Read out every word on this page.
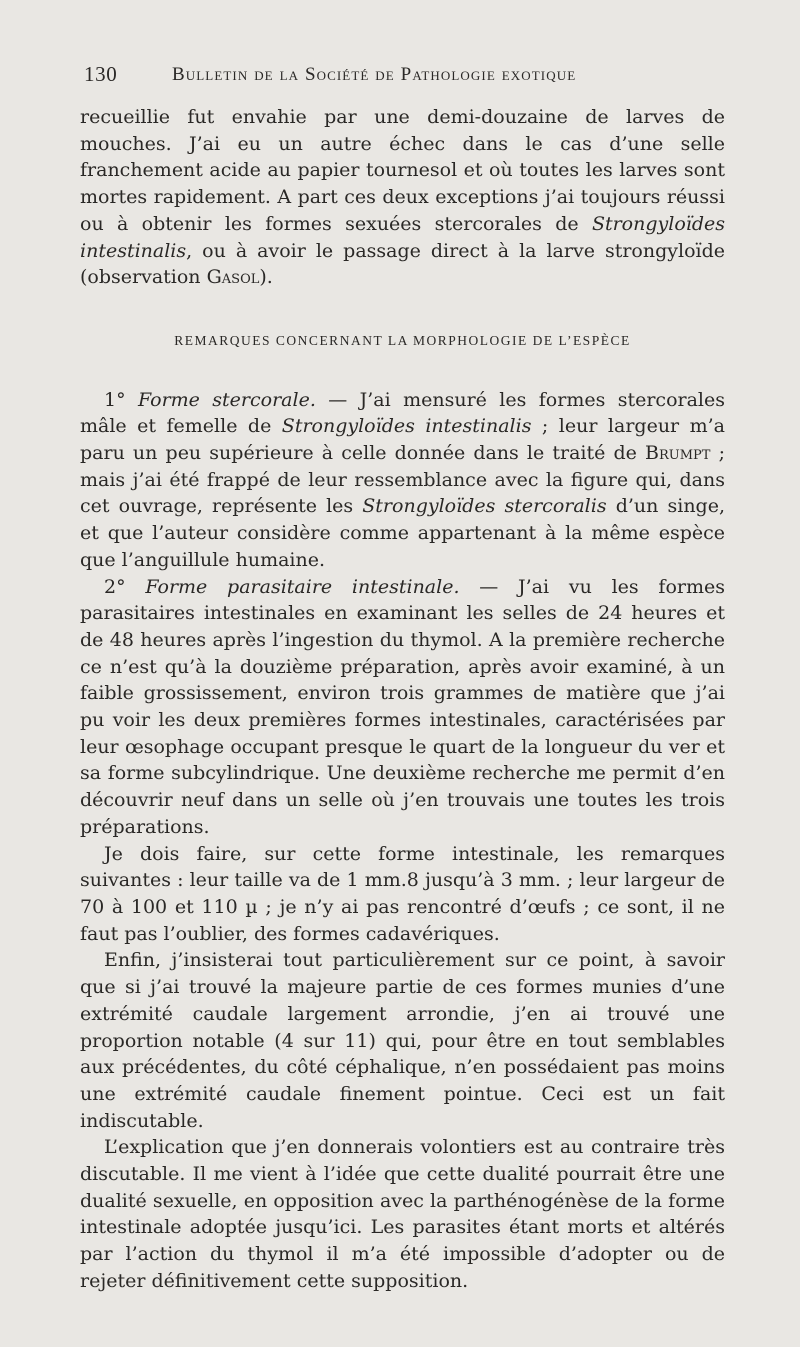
130	Bulletin de la Société de Pathologie exotique

recueillie fut envahie par une demi-douzaine de larves de mouches. J’ai eu un autre échec dans le cas d’une selle franchement acide au papier tournesol et où toutes les larves sont mortes rapidement. A part ces deux exceptions j’ai toujours réussi ou à obtenir les formes sexuées stercorales de Strongyloïdes intestinalis, ou à avoir le passage direct à la larve strongyloïde (observation Gasol).

REMARQUES CONCERNANT LA MORPHOLOGIE DE L’ESPÈCE

1° Forme stercorale. — J’ai mensuré les formes stercorales mâle et femelle de Strongyloïdes intestinalis ; leur largeur m’a paru un peu supérieure à celle donnée dans le traité de Brumpt ; mais j’ai été frappé de leur ressemblance avec la figure qui, dans cet ouvrage, représente les Strongyloïdes stercoralis d’un singe, et que l’auteur considère comme appartenant à la même espèce que l’anguillule humaine.

2° Forme parasitaire intestinale. — J’ai vu les formes parasitaires intestinales en examinant les selles de 24 heures et de 48 heures après l’ingestion du thymol. A la première recherche ce n’est qu’à la douzième préparation, après avoir examiné, à un faible grossissement, environ trois grammes de matière que j’ai pu voir les deux premières formes intestinales, caractérisées par leur œsophage occupant presque le quart de la longueur du ver et sa forme subcylindrique. Une deuxième recherche me permit d’en découvrir neuf dans un selle où j’en trouvais une toutes les trois préparations.

Je dois faire, sur cette forme intestinale, les remarques suivantes : leur taille va de 1 mm.8 jusqu’à 3 mm. ; leur largeur de 70 à 100 et 110 µ ; je n’y ai pas rencontré d’œufs ; ce sont, il ne faut pas l’oublier, des formes cadavériques.

Enfin, j’insisterai tout particulièrement sur ce point, à savoir que si j’ai trouvé la majeure partie de ces formes munies d’une extrémité caudale largement arrondie, j’en ai trouvé une proportion notable (4 sur 11) qui, pour être en tout semblables aux précédentes, du côté céphalique, n’en possédaient pas moins une extrémité caudale finement pointue. Ceci est un fait indiscutable.

L’explication que j’en donnerais volontiers est au contraire très discutable. Il me vient à l’idée que cette dualité pourrait être une dualité sexuelle, en opposition avec la parthénogénèse de la forme intestinale adoptée jusqu’ici. Les parasites étant morts et altérés par l’action du thymol il m’a été impossible d’adopter ou de rejeter définitivement cette supposition.
